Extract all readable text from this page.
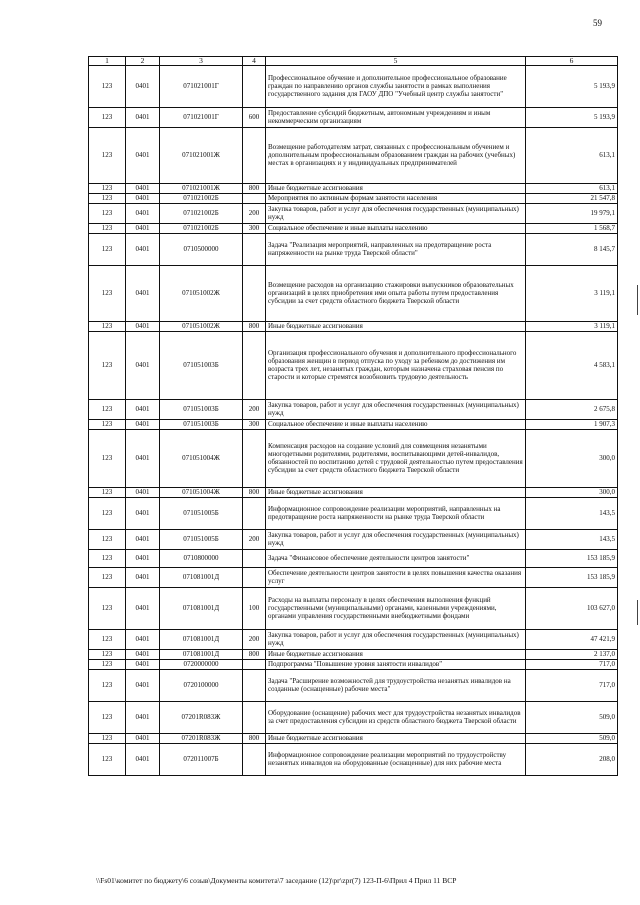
59
1	2	3	4	5	6
123	0401	071021001Г		Профессиональное обучение и дополнительное профессиональное образование граждан по направлению органов службы занятости в рамках выполнения государственного задания для ГАОУ ДПО "Учебный центр службы занятости"	5 193,9
123	0401	071021001Г	600	Предоставление субсидий бюджетным, автономным учреждениям и иным некоммерческим организациям	5 193,9
123	0401	071021001Ж		Возмещение работодателям затрат, связанных с профессиональным обучением и дополнительным профессиональным образованием граждан на рабочих (учебных) местах в организациях и у индивидуальных предпринимателей	613,1
123	0401	071021001Ж	800	Иные бюджетные ассигнования	613,1
123	0401	071021002Б		Мероприятия по активным формам занятости населения	21 547,8
123	0401	071021002Б	200	Закупка товаров, работ и услуг для обеспечения государственных (муниципальных) нужд	19 979,1
123	0401	071021002Б	300	Социальное обеспечение и иные выплаты населению	1 568,7
123	0401	0710500000		Задача "Реализация мероприятий, направленных на предотвращение роста напряженности на рынке труда Тверской области"	8 145,7
123	0401	071051002Ж		Возмещение расходов на организацию стажировки выпускников образовательных организаций в целях приобретения ими опыта работы путем предоставления субсидии за счет средств областного бюджета Тверской области	3 119,1
123	0401	071051002Ж	800	Иные бюджетные ассигнования	3 119,1
123	0401	071051003Б		Организация профессионального обучения и дополнительного профессионального образования женщин в период отпуска по уходу за ребенком до достижения им возраста трех лет, незанятых граждан, которым назначена страховая пенсия по старости и которые стремятся возобновить трудовую деятельность	4 583,1
123	0401	071051003Б	200	Закупка товаров, работ и услуг для обеспечения государственных (муниципальных) нужд	2 675,8
123	0401	071051003Б	300	Социальное обеспечение и иные выплаты населению	1 907,3
123	0401	071051004Ж		Компенсация расходов на создание условий для совмещения незанятыми многодетными родителями, родителями, воспитывающими детей-инвалидов, обязанностей по воспитанию детей с трудовой деятельностью путем предоставления субсидии за счет средств областного бюджета Тверской области	300,0
123	0401	071051004Ж	800	Иные бюджетные ассигнования	300,0
123	0401	071051005Б		Информационное сопровождение реализации мероприятий, направленных на предотвращение роста напряженности на рынке труда Тверской области	143,5
123	0401	071051005Б	200	Закупка товаров, работ и услуг для обеспечения государственных (муниципальных) нужд	143,5
123	0401	0710800000		Задача "Финансовое обеспечение деятельности центров занятости"	153 185,9
123	0401	071081001Д		Обеспечение деятельности центров занятости в целях повышения качества оказания услуг	153 185,9
123	0401	071081001Д	100	Расходы на выплаты персоналу в целях обеспечения выполнения функций государственными (муниципальными) органами, казенными учреждениями, органами управления государственными внебюджетными фондами	103 627,0
123	0401	071081001Д	200	Закупка товаров, работ и услуг для обеспечения государственных (муниципальных) нужд	47 421,9
123	0401	071081001Д	800	Иные бюджетные ассигнования	2 137,0
123	0401	0720000000		Подпрограмма "Повышение уровня занятости инвалидов"	717,0
123	0401	0720100000		Задача "Расширение возможностей для трудоустройства незанятых инвалидов на созданные (оснащенные) рабочие места"	717,0
123	0401	07201R083Ж		Оборудование (оснащение) рабочих мест для трудоустройства незанятых инвалидов за счет предоставления субсидии из средств областного бюджета Тверской области	509,0
123	0401	07201R083Ж	800	Иные бюджетные ассигнования	509,0
123	0401	072011007Б		Информационное сопровождение реализации мероприятий по трудоустройству незанятых инвалидов на оборудованные (оснащенные) для них рабочие места	208,0
\\Fs01\комитет по бюджету\6 созыв\Документы комитета\7 заседание (12)\рг\zpr(7) 123-П-6\Прил 4 Прил 11 ВСР
